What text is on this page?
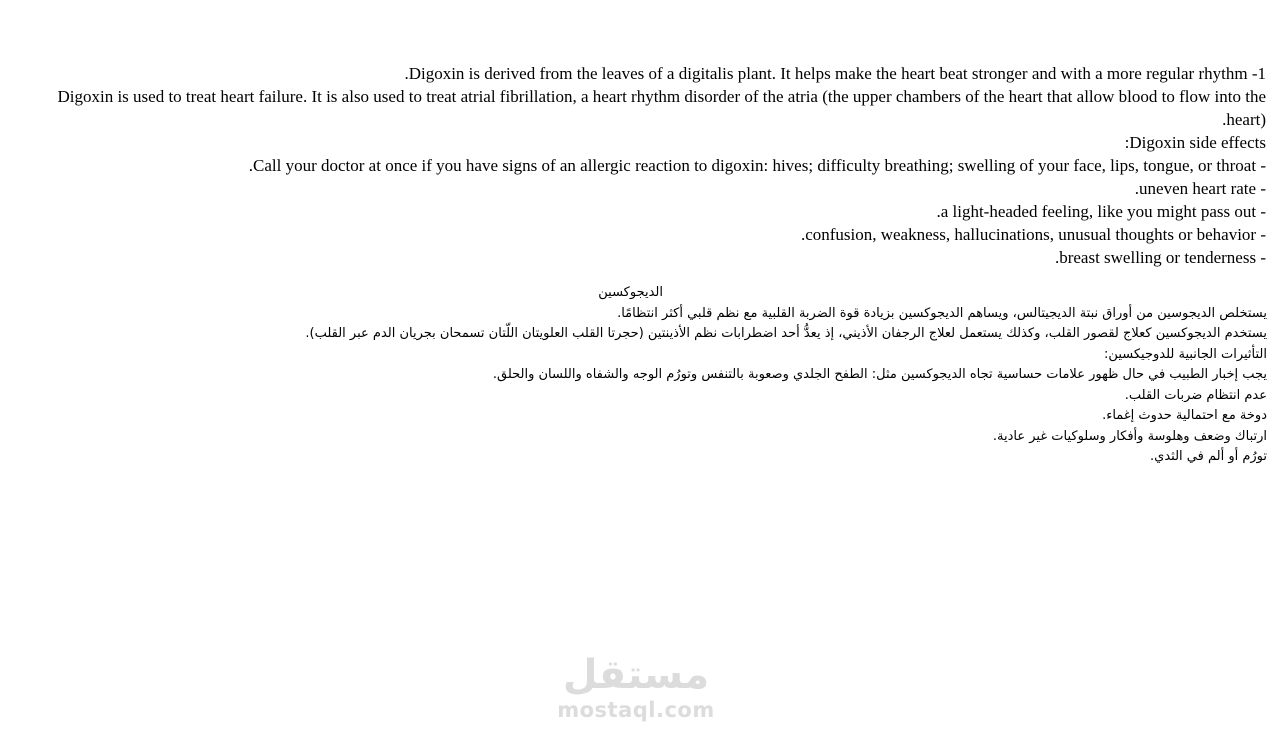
1- Digoxin is derived from the leaves of a digitalis plant. It helps make the heart beat stronger and with a more regular rhythm.

Digoxin is used to treat heart failure. It is also used to treat atrial fibrillation, a heart rhythm disorder of the atria (the upper chambers of the heart that allow blood to flow into the heart).

Digoxin side effects:

- Call your doctor at once if you have signs of an allergic reaction to digoxin: hives; difficulty breathing; swelling of your face, lips, tongue, or throat.

- uneven heart rate.

- a light-headed feeling, like you might pass out.

- confusion, weakness, hallucinations, unusual thoughts or behavior.

- breast swelling or tenderness.

الديجوكسين

يستخلص الديجوسين من أوراق نبتة الديجيتالس، ويساهم الديجوكسين بزيادة قوة الضربة القلبية مع نظم قلبي أكثر انتظامًا.

يستخدم الديجوكسين كعلاج لقصور القلب، وكذلك يستعمل لعلاج الرجفان الأذيني، إذ يعدُّ أحد اضطرابات نظم الأذينتين (حجرتا القلب العلويتان اللّتان تسمحان بجريان الدم عبر القلب).

التأثيرات الجانبية للدوجيكسين:

يجب إخبار الطبيب في حال ظهور علامات حساسية تجاه الديجوكسين مثل: الطفح الجلدي وصعوبة بالتنفس وتورُم الوجه والشفاه واللسان والحلق.

عدم انتظام ضربات القلب.

دوخة مع احتمالية حدوث إغماء.

ارتباك وضعف وهلوسة وأفكار وسلوكيات غير عادية.

تورُم أو ألم في الثدي.

مستقل
mostaql.com
